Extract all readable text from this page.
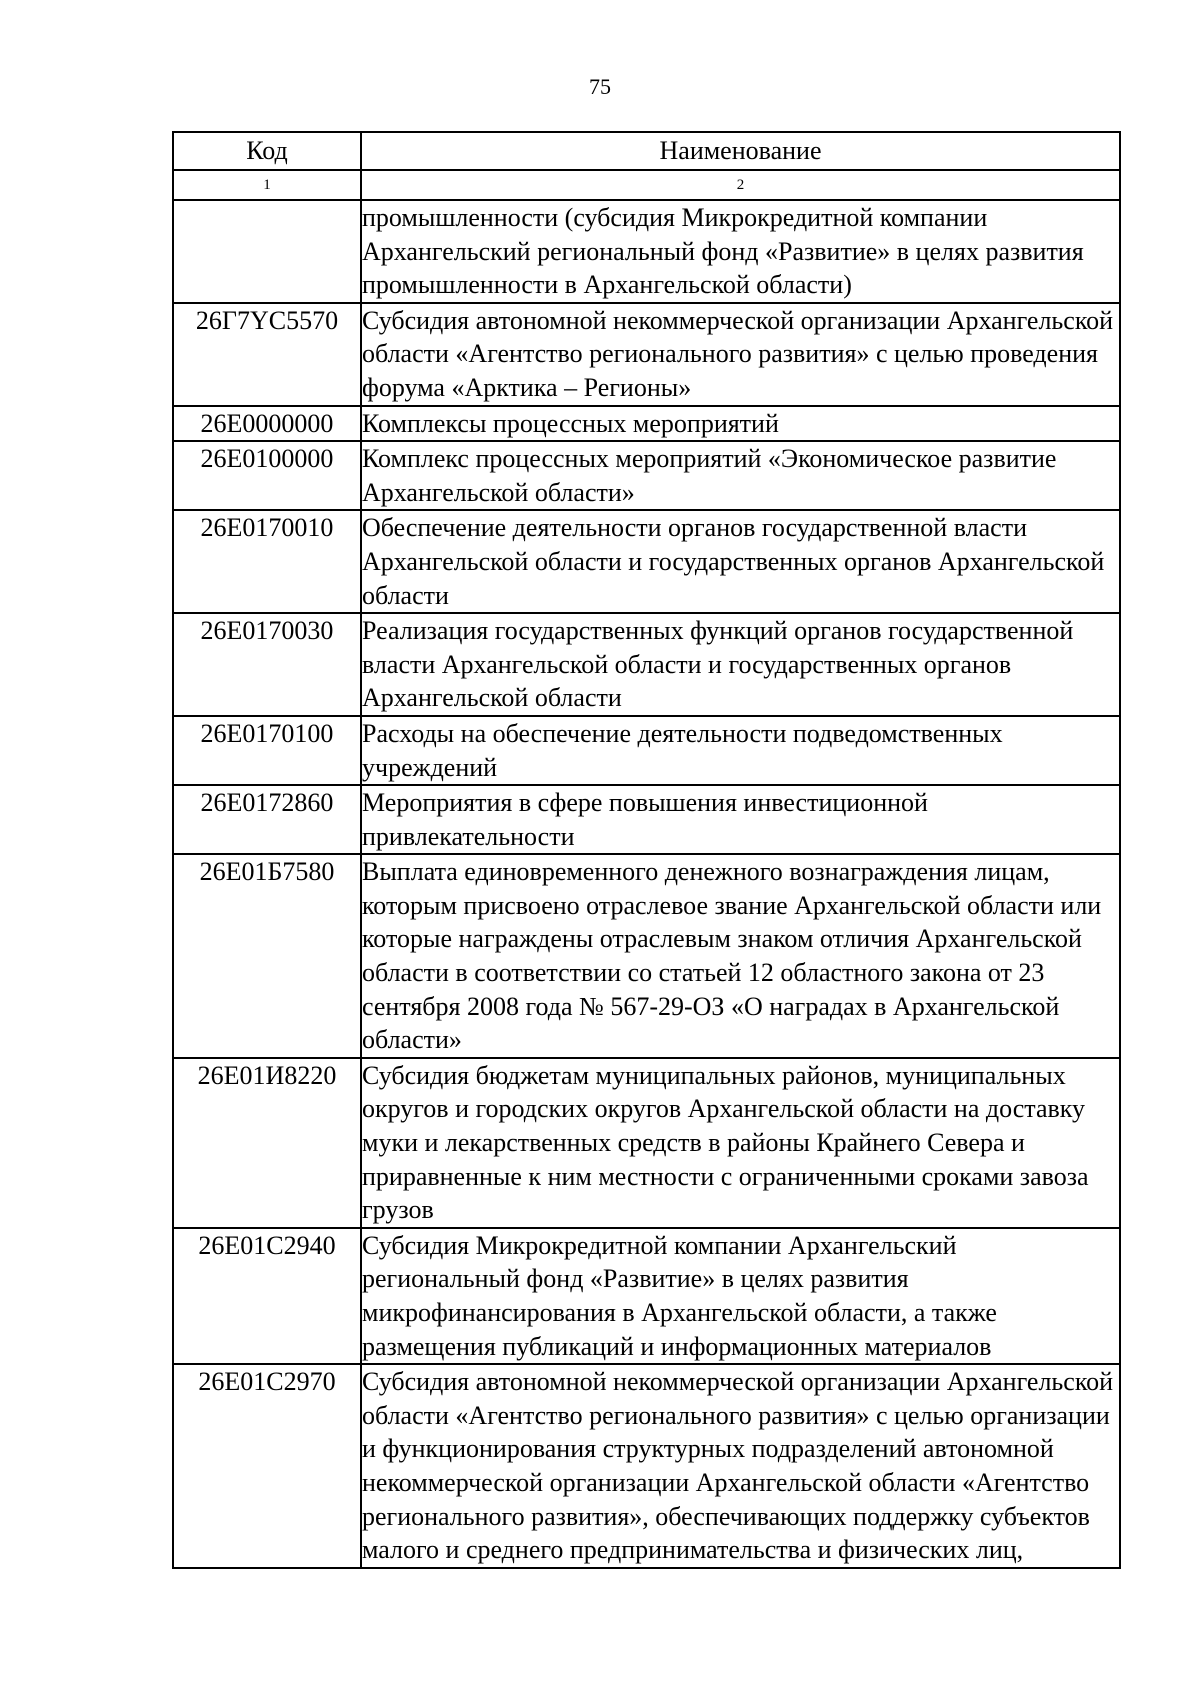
75
Код	Наименование
1	2
	промышленности (субсидия Микрокредитной компании Архангельский региональный фонд «Развитие» в целях развития промышленности в Архангельской области)
26Г7YC5570	Субсидия автономной некоммерческой организации Архангельской области «Агентство регионального развития» с целью проведения форума «Арктика – Регионы»
26E0000000	Комплексы процессных мероприятий
26E0100000	Комплекс процессных мероприятий «Экономическое развитие Архангельской области»
26E0170010	Обеспечение деятельности органов государственной власти Архангельской области и государственных органов Архангельской области
26E0170030	Реализация государственных функций органов государственной власти Архангельской области и государственных органов Архангельской области
26E0170100	Расходы на обеспечение деятельности подведомственных учреждений
26E0172860	Мероприятия в сфере повышения инвестиционной привлекательности
26E01Б7580	Выплата единовременного денежного вознаграждения лицам, которым присвоено отраслевое звание Архангельской области или которые награждены отраслевым знаком отличия Архангельской области в соответствии со статьей 12 областного закона от 23 сентября 2008 года № 567-29-ОЗ «О наградах в Архангельской области»
26E01И8220	Субсидия бюджетам муниципальных районов, муниципальных округов и городских округов Архангельской области на доставку муки и лекарственных средств в районы Крайнего Севера и приравненные к ним местности с ограниченными сроками завоза грузов
26E01C2940	Субсидия Микрокредитной компании Архангельский региональный фонд «Развитие» в целях развития микрофинансирования в Архангельской области, а также размещения публикаций и информационных материалов
26E01C2970	Субсидия автономной некоммерческой организации Архангельской области «Агентство регионального развития» с целью организации и функционирования структурных подразделений автономной некоммерческой организации Архангельской области «Агентство регионального развития», обеспечивающих поддержку субъектов малого и среднего предпринимательства и физических лиц,
